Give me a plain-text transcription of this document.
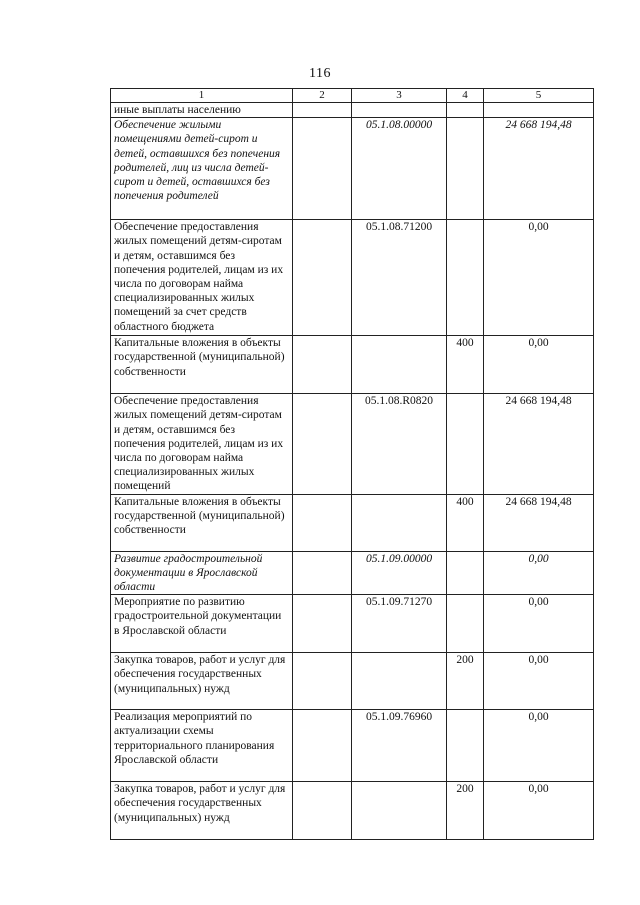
116
1	2	3	4	5
иные выплаты населению				
Обеспечение жилыми помещениями детей-сирот и детей, оставшихся без попечения родителей, лиц из числа детей-сирот и детей, оставшихся без попечения родителей		05.1.08.00000		24 668 194,48
Обеспечение предоставления жилых помещений детям-сиротам и детям, оставшимся без попечения родителей, лицам из их числа по договорам найма специализированных жилых помещений за счет средств областного бюджета		05.1.08.71200		0,00
Капитальные вложения в объекты государственной (муниципальной) собственности			400	0,00
Обеспечение предоставления жилых помещений детям-сиротам и детям, оставшимся без попечения родителей, лицам из их числа по договорам найма специализированных жилых помещений		05.1.08.R0820		24 668 194,48
Капитальные вложения в объекты государственной (муниципальной) собственности			400	24 668 194,48
Развитие градостроительной документации в Ярославской области		05.1.09.00000		0,00
Мероприятие по развитию градостроительной документации в Ярославской области		05.1.09.71270		0,00
Закупка товаров, работ и услуг для обеспечения государственных (муниципальных) нужд			200	0,00
Реализация мероприятий по актуализации схемы территориального планирования Ярославской области		05.1.09.76960		0,00
Закупка товаров, работ и услуг для обеспечения государственных (муниципальных) нужд			200	0,00
